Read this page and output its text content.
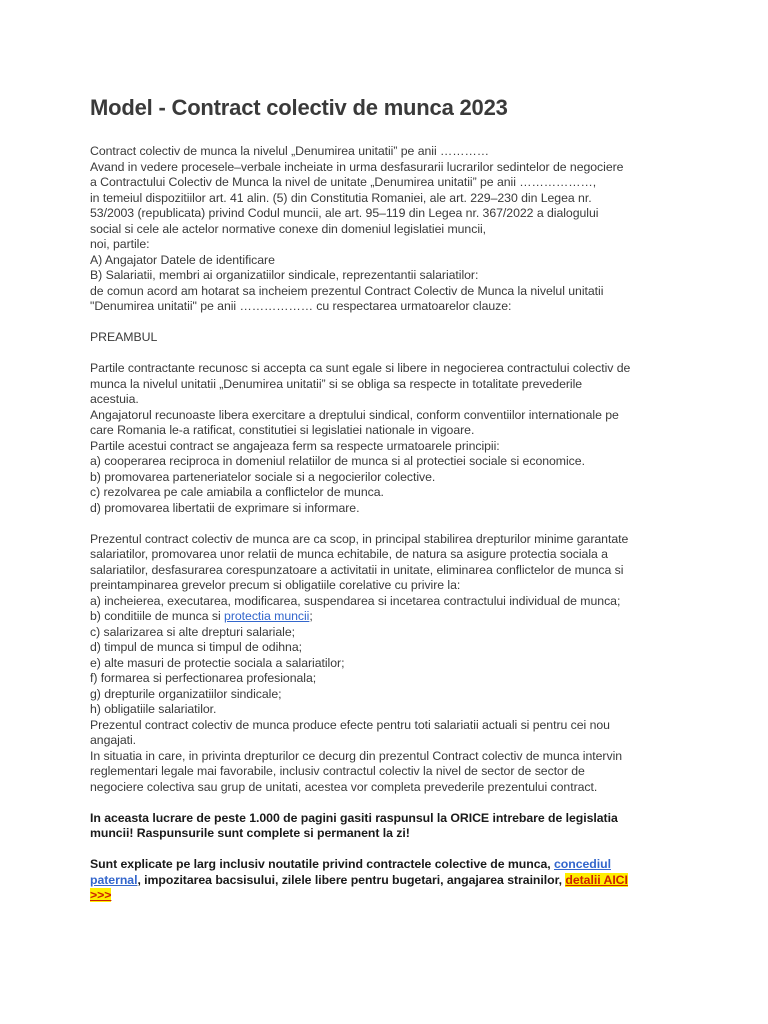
Model - Contract colectiv de munca 2023
Contract colectiv de munca la nivelul „Denumirea unitatii” pe anii …………
Avand in vedere procesele–verbale incheiate in urma desfasurarii lucrarilor sedintelor de negociere
a Contractului Colectiv de Munca la nivel de unitate „Denumirea unitatii” pe anii ………………,
in temeiul dispozitiilor art. 41 alin. (5) din Constitutia Romaniei, ale art. 229–230 din Legea nr.
53/2003 (republicata) privind Codul muncii, ale art. 95–119 din Legea nr. 367/2022 a dialogului
social si cele ale actelor normative conexe din domeniul legislatiei muncii,
noi, partile:
A) Angajator Datele de identificare
B) Salariatii, membri ai organizatiilor sindicale, reprezentantii salariatilor:
de comun acord am hotarat sa incheiem prezentul Contract Colectiv de Munca la nivelul unitatii
"Denumirea unitatii" pe anii ……………… cu respectarea urmatoarelor clauze:
PREAMBUL
Partile contractante recunosc si accepta ca sunt egale si libere in negocierea contractului colectiv de
munca la nivelul unitatii „Denumirea unitatii” si se obliga sa respecte in totalitate prevederile
acestuia.
Angajatorul recunoaste libera exercitare a dreptului sindical, conform conventiilor internationale pe
care Romania le-a ratificat, constitutiei si legislatiei nationale in vigoare.
Partile acestui contract se angajeaza ferm sa respecte urmatoarele principii:
a) cooperarea reciproca in domeniul relatiilor de munca si al protectiei sociale si economice.
b) promovarea parteneriatelor sociale si a negocierilor colective.
c) rezolvarea pe cale amiabila a conflictelor de munca.
d) promovarea libertatii de exprimare si informare.
Prezentul contract colectiv de munca are ca scop, in principal stabilirea drepturilor minime garantate
salariatilor, promovarea unor relatii de munca echitabile, de natura sa asigure protectia sociala a
salariatilor, desfasurarea corespunzatoare a activitatii in unitate, eliminarea conflictelor de munca si
preintampinarea grevelor precum si obligatiile corelative cu privire la:
a) incheierea, executarea, modificarea, suspendarea si incetarea contractului individual de munca;
b) conditiile de munca si protectia muncii;
c) salarizarea si alte drepturi salariale;
d) timpul de munca si timpul de odihna;
e) alte masuri de protectie sociala a salariatilor;
f) formarea si perfectionarea profesionala;
g) drepturile organizatiilor sindicale;
h) obligatiile salariatilor.
Prezentul contract colectiv de munca produce efecte pentru toti salariatii actuali si pentru cei nou
angajati.
In situatia in care, in privinta drepturilor ce decurg din prezentul Contract colectiv de munca intervin
reglementari legale mai favorabile, inclusiv contractul colectiv la nivel de sector de sector de
negociere colectiva sau grup de unitati, acestea vor completa prevederile prezentului contract.
In aceasta lucrare de peste 1.000 de pagini gasiti raspunsul la ORICE intrebare de legislatia
muncii! Raspunsurile sunt complete si permanent la zi!
Sunt explicate pe larg inclusiv noutatile privind contractele colective de munca, concediul
paternal, impozitarea bacsisului, zilele libere pentru bugetari, angajarea strainilor, detalii AICI
>>>
